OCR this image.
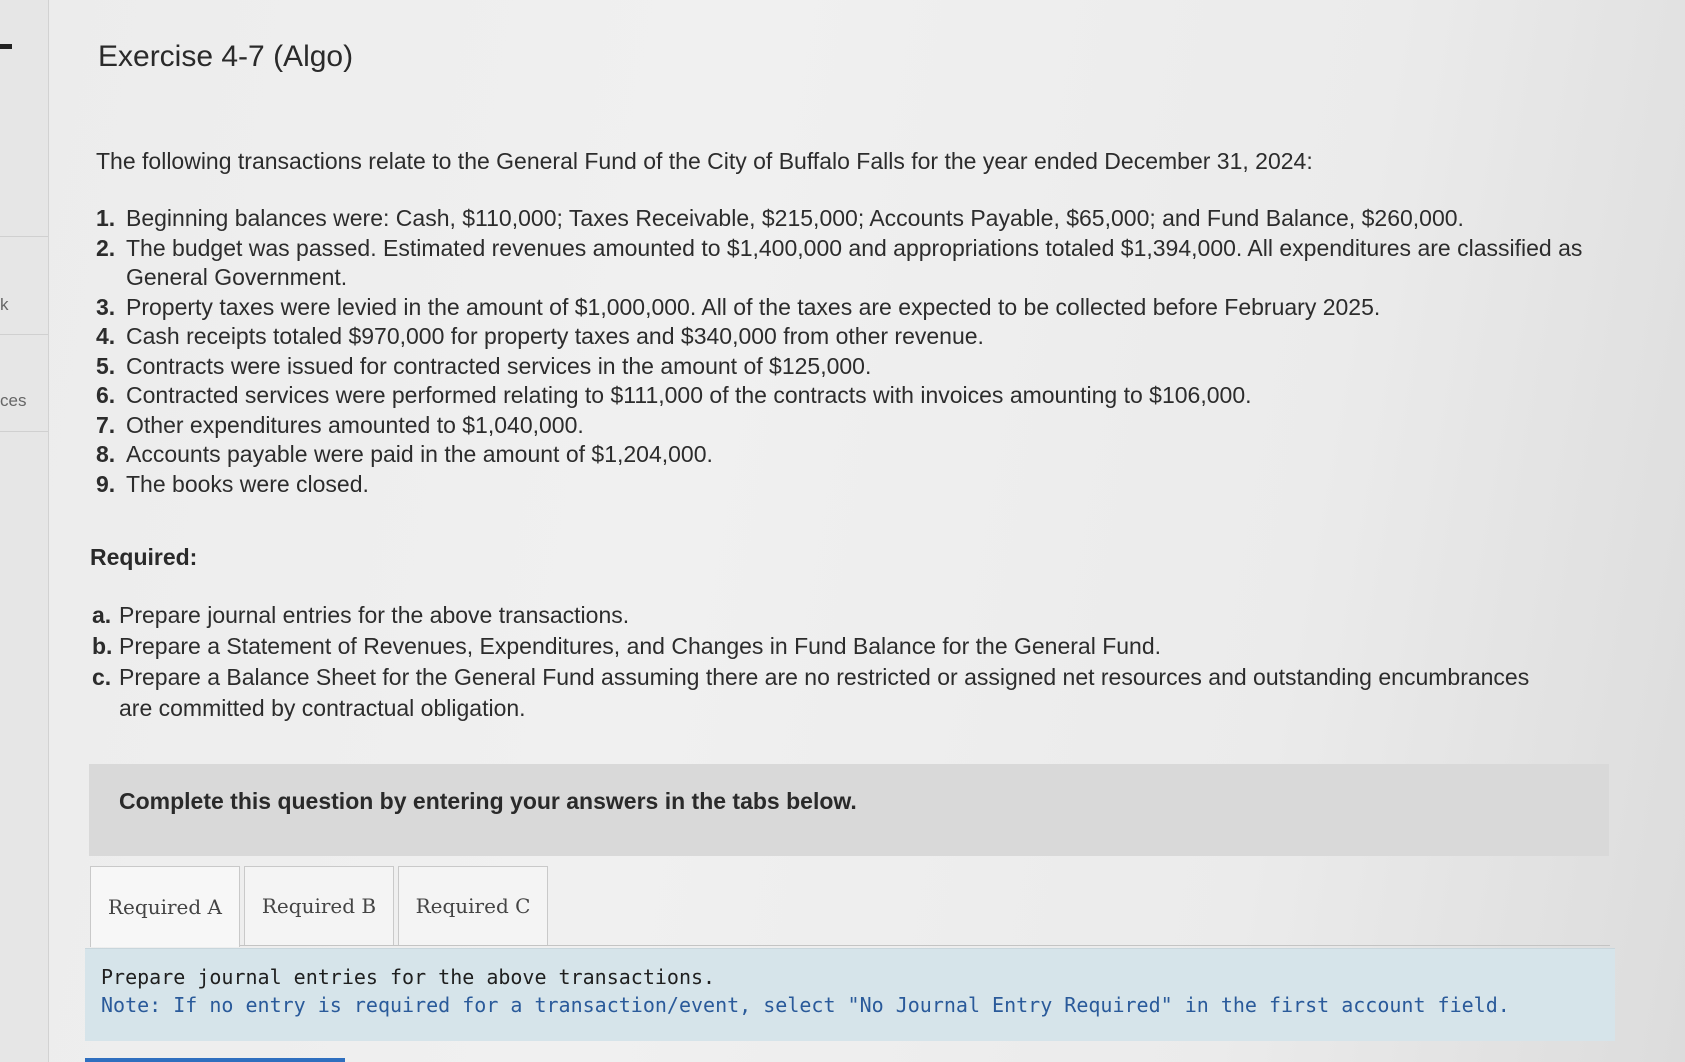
k
ces
Exercise 4-7 (Algo)
The following transactions relate to the General Fund of the City of Buffalo Falls for the year ended December 31, 2024:
1. Beginning balances were: Cash, $110,000; Taxes Receivable, $215,000; Accounts Payable, $65,000; and Fund Balance, $260,000.
2. The budget was passed. Estimated revenues amounted to $1,400,000 and appropriations totaled $1,394,000. All expenditures are classified as General Government.
3. Property taxes were levied in the amount of $1,000,000. All of the taxes are expected to be collected before February 2025.
4. Cash receipts totaled $970,000 for property taxes and $340,000 from other revenue.
5. Contracts were issued for contracted services in the amount of $125,000.
6. Contracted services were performed relating to $111,000 of the contracts with invoices amounting to $106,000.
7. Other expenditures amounted to $1,040,000.
8. Accounts payable were paid in the amount of $1,204,000.
9. The books were closed.
Required:
a. Prepare journal entries for the above transactions.
b. Prepare a Statement of Revenues, Expenditures, and Changes in Fund Balance for the General Fund.
c. Prepare a Balance Sheet for the General Fund assuming there are no restricted or assigned net resources and outstanding encumbrances are committed by contractual obligation.
Complete this question by entering your answers in the tabs below.
Required A	Required B	Required C
Prepare journal entries for the above transactions.
Note: If no entry is required for a transaction/event, select "No Journal Entry Required" in the first account field.
